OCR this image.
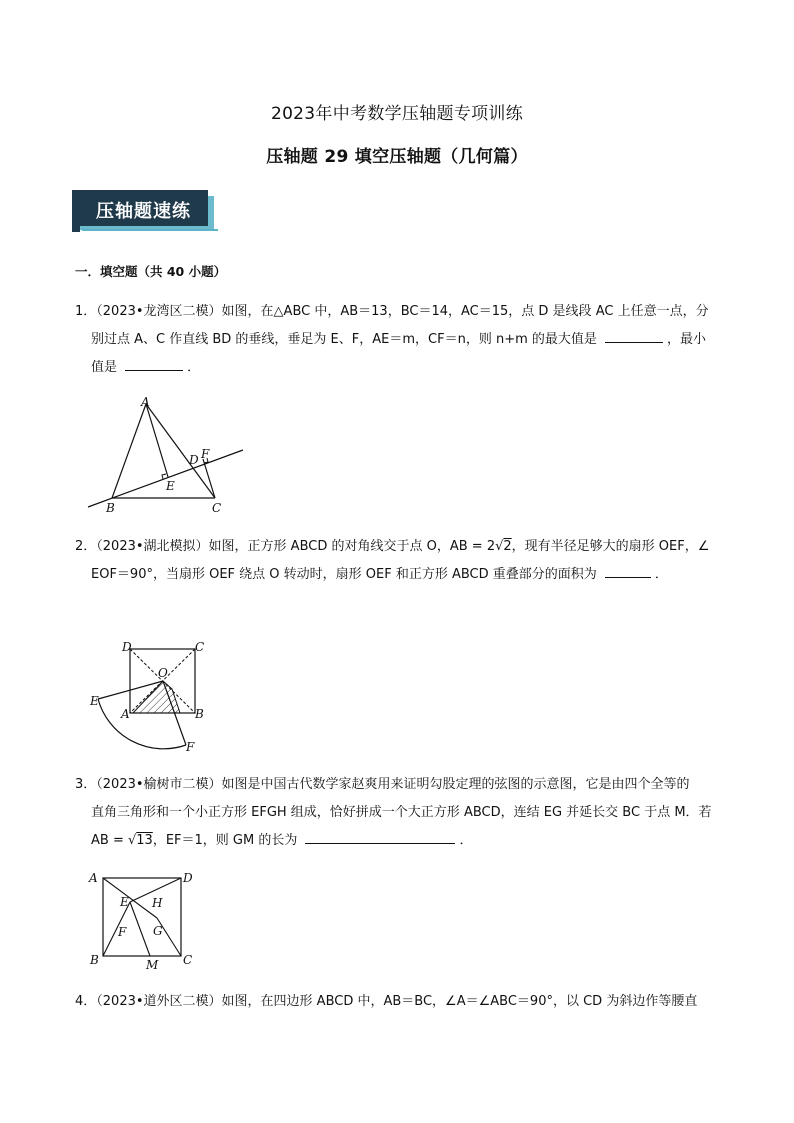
2023年中考数学压轴题专项训练
压轴题 29 填空压轴题（几何篇）
压轴题速练
一．填空题（共 40 小题）
1．（2023•龙湾区二模）如图，在△ABC 中，AB＝13，BC＝14，AC＝15，点 D 是线段 AC 上任意一点，分
别过点 A、C 作直线 BD 的垂线，垂足为 E、F，AE＝m，CF＝n，则 n+m 的最大值是	，最小
值是	．
A
B	C
D
E
F
2．（2023•湖北模拟）如图，正方形 ABCD 的对角线交于点 O，AB = 2√2，现有半径足够大的扇形 OEF，∠
EOF＝90°，当扇形 OEF 绕点 O 转动时，扇形 OEF 和正方形 ABCD 重叠部分的面积为	．
D	C
O
E
A	B
F
3．（2023•榆树市二模）如图是中国古代数学家赵爽用来证明勾股定理的弦图的示意图，它是由四个全等的
直角三角形和一个小正方形 EFGH 组成，恰好拼成一个大正方形 ABCD，连结 EG 并延长交 BC 于点 M．若
AB = √13，EF＝1，则 GM 的长为	．
A	D
B	C
E H
F G
M
4．（2023•道外区二模）如图，在四边形 ABCD 中，AB＝BC，∠A＝∠ABC＝90°，以 CD 为斜边作等腰直
